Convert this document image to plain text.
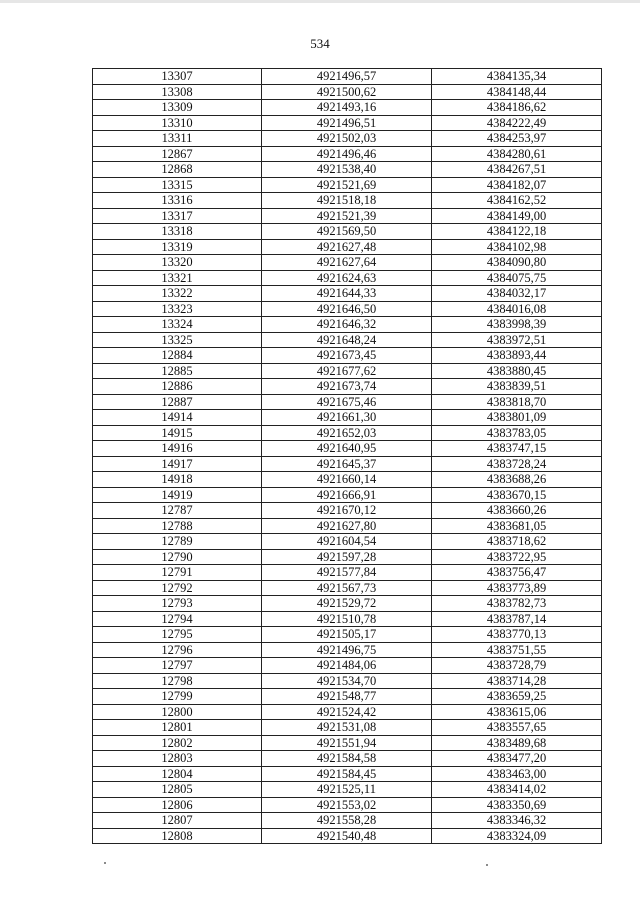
534
13307	4921496,57	4384135,34
13308	4921500,62	4384148,44
13309	4921493,16	4384186,62
13310	4921496,51	4384222,49
13311	4921502,03	4384253,97
12867	4921496,46	4384280,61
12868	4921538,40	4384267,51
13315	4921521,69	4384182,07
13316	4921518,18	4384162,52
13317	4921521,39	4384149,00
13318	4921569,50	4384122,18
13319	4921627,48	4384102,98
13320	4921627,64	4384090,80
13321	4921624,63	4384075,75
13322	4921644,33	4384032,17
13323	4921646,50	4384016,08
13324	4921646,32	4383998,39
13325	4921648,24	4383972,51
12884	4921673,45	4383893,44
12885	4921677,62	4383880,45
12886	4921673,74	4383839,51
12887	4921675,46	4383818,70
14914	4921661,30	4383801,09
14915	4921652,03	4383783,05
14916	4921640,95	4383747,15
14917	4921645,37	4383728,24
14918	4921660,14	4383688,26
14919	4921666,91	4383670,15
12787	4921670,12	4383660,26
12788	4921627,80	4383681,05
12789	4921604,54	4383718,62
12790	4921597,28	4383722,95
12791	4921577,84	4383756,47
12792	4921567,73	4383773,89
12793	4921529,72	4383782,73
12794	4921510,78	4383787,14
12795	4921505,17	4383770,13
12796	4921496,75	4383751,55
12797	4921484,06	4383728,79
12798	4921534,70	4383714,28
12799	4921548,77	4383659,25
12800	4921524,42	4383615,06
12801	4921531,08	4383557,65
12802	4921551,94	4383489,68
12803	4921584,58	4383477,20
12804	4921584,45	4383463,00
12805	4921525,11	4383414,02
12806	4921553,02	4383350,69
12807	4921558,28	4383346,32
12808	4921540,48	4383324,09
